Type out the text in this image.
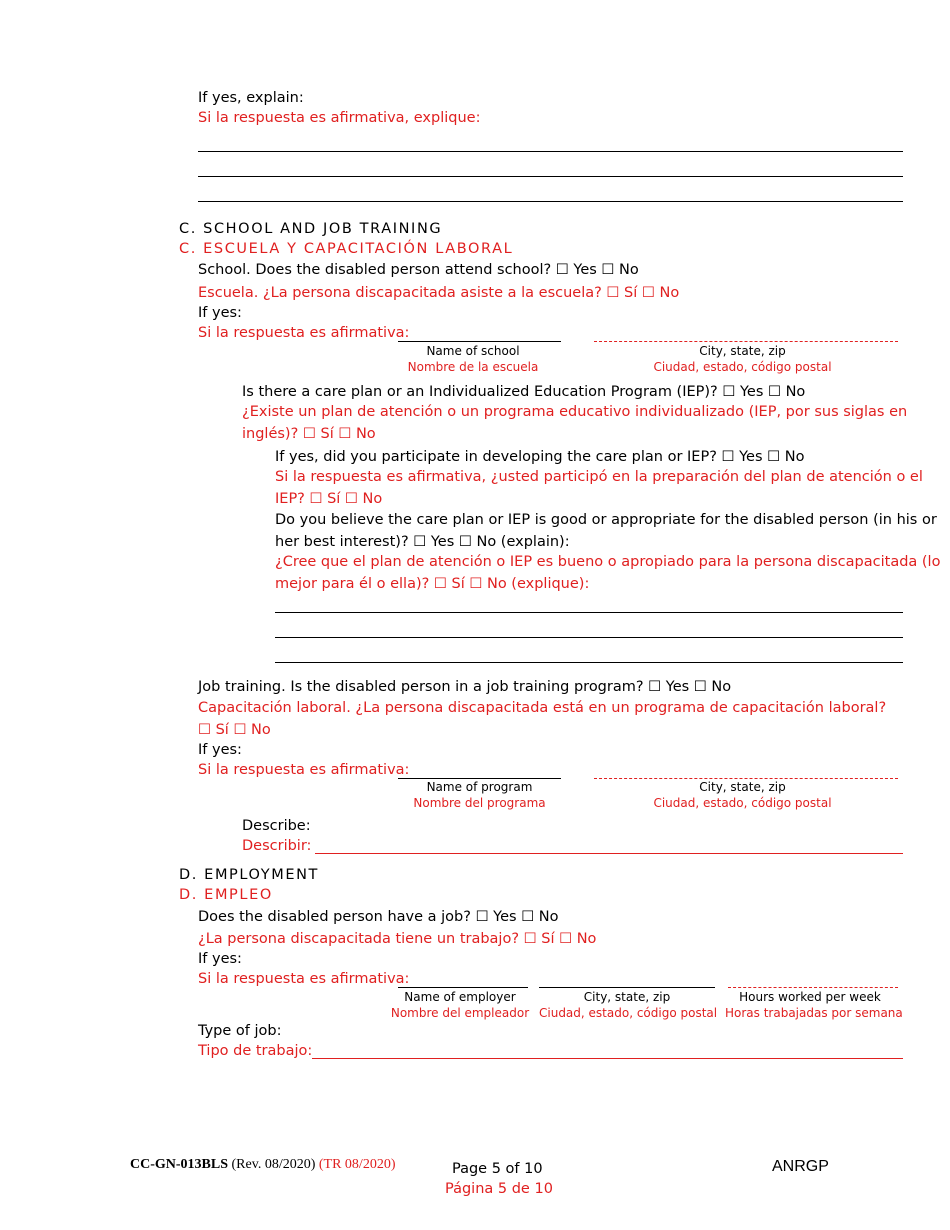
If yes, explain:
Si la respuesta es afirmativa, explique:
C. SCHOOL AND JOB TRAINING
C. ESCUELA Y CAPACITACIÓN LABORAL
School. Does the disabled person attend school? ☐ Yes ☐ No
Escuela. ¿La persona discapacitada asiste a la escuela? ☐ Sí ☐ No
If yes:
Si la respuesta es afirmativa:
Name of school
Nombre de la escuela
City, state, zip
Ciudad, estado, código postal
Is there a care plan or an Individualized Education Program (IEP)? ☐ Yes ☐ No
¿Existe un plan de atención o un programa educativo individualizado (IEP, por sus siglas en
inglés)? ☐ Sí ☐ No
If yes, did you participate in developing the care plan or IEP? ☐ Yes ☐ No
Si la respuesta es afirmativa, ¿usted participó en la preparación del plan de atención o el
IEP? ☐ Sí ☐ No
Do you believe the care plan or IEP is good or appropriate for the disabled person (in his or
her best interest)? ☐ Yes ☐ No (explain):
¿Cree que el plan de atención o IEP es bueno o apropiado para la persona discapacitada (lo
mejor para él o ella)? ☐ Sí ☐ No (explique):
Job training. Is the disabled person in a job training program? ☐ Yes ☐ No
Capacitación laboral. ¿La persona discapacitada está en un programa de capacitación laboral?
☐ Sí ☐ No
If yes:
Si la respuesta es afirmativa:
Name of program
Nombre del programa
City, state, zip
Ciudad, estado, código postal
Describe:
Describir:
D. EMPLOYMENT
D. EMPLEO
Does the disabled person have a job? ☐ Yes ☐ No
¿La persona discapacitada tiene un trabajo? ☐ Sí ☐ No
If yes:
Si la respuesta es afirmativa:
Name of employer
Nombre del empleador
City, state, zip
Ciudad, estado, código postal
Hours worked per week
Horas trabajadas por semana
Type of job:
Tipo de trabajo:
CC-GN-013BLS (Rev. 08/2020) (TR 08/2020)	Page 5 of 10
Página 5 de 10
ANRGP
